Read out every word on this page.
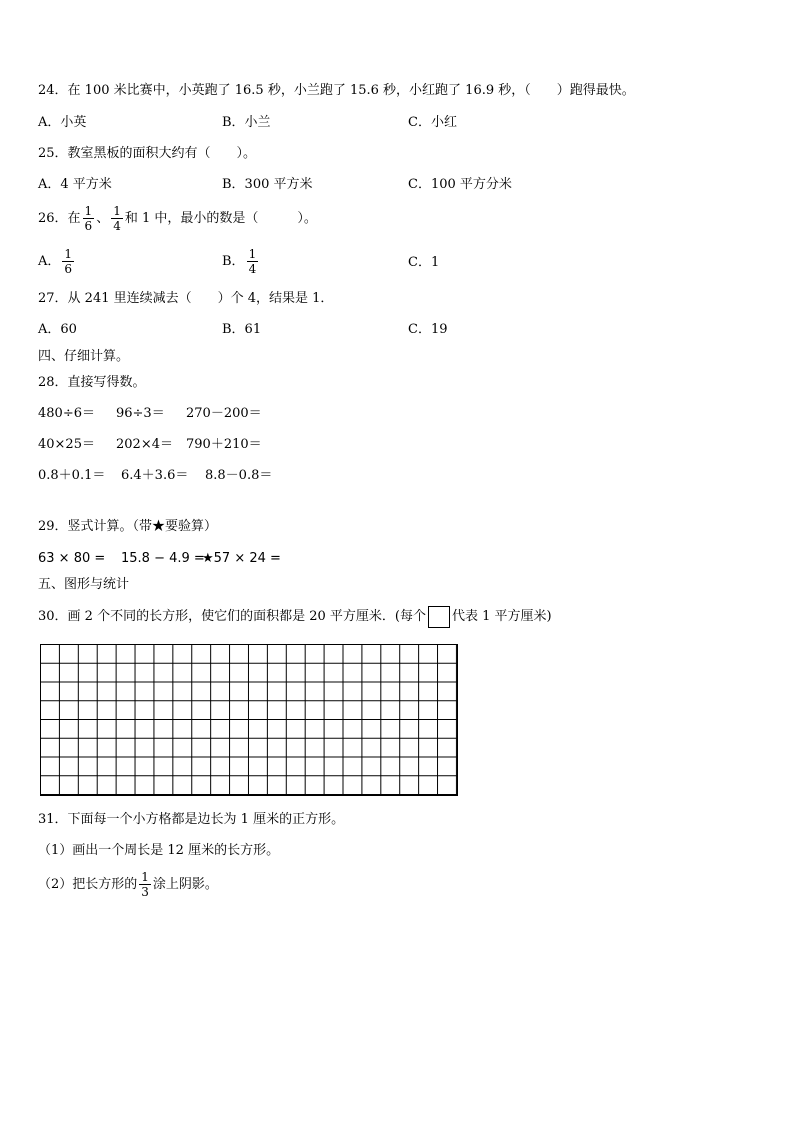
24．在 100 米比赛中，小英跑了 16.5 秒，小兰跑了 15.6 秒，小红跑了 16.9 秒，（　　）跑得最快。
A．小英	B．小兰	C．小红
25．教室黑板的面积大约有（　　）。
A．4 平方米	B．300 平方米	C．100 平方分米
26．在 $\frac{1}{6}$ 、 $\frac{1}{4}$ 和 1 中，最小的数是（　　　）。
A． $\frac{1}{6}$	B． $\frac{1}{4}$	C．1
27．从 241 里连续减去（　　）个 4，结果是 1．
A．60	B．61	C．19
四、仔细计算。
28．直接写得数。
480÷6＝ 96÷3＝ 270－200＝
40×25＝ 202×4＝ 790＋210＝
0.8＋0.1＝ 6.4＋3.6＝ 8.8－0.8＝
29．竖式计算。（带★要验算）
63 × 80 = 15.8 − 4.9 =
★57 × 24 =
五、图形与统计
30．画 2 个不同的长方形，使它们的面积都是 20 平方厘米．(每个 代表 1 平方厘米)
31．下面每一个小方格都是边长为 1 厘米的正方形。
（1）画出一个周长是 12 厘米的长方形。
（2）把长方形的 $\frac{1}{3}$ 涂上阴影。
